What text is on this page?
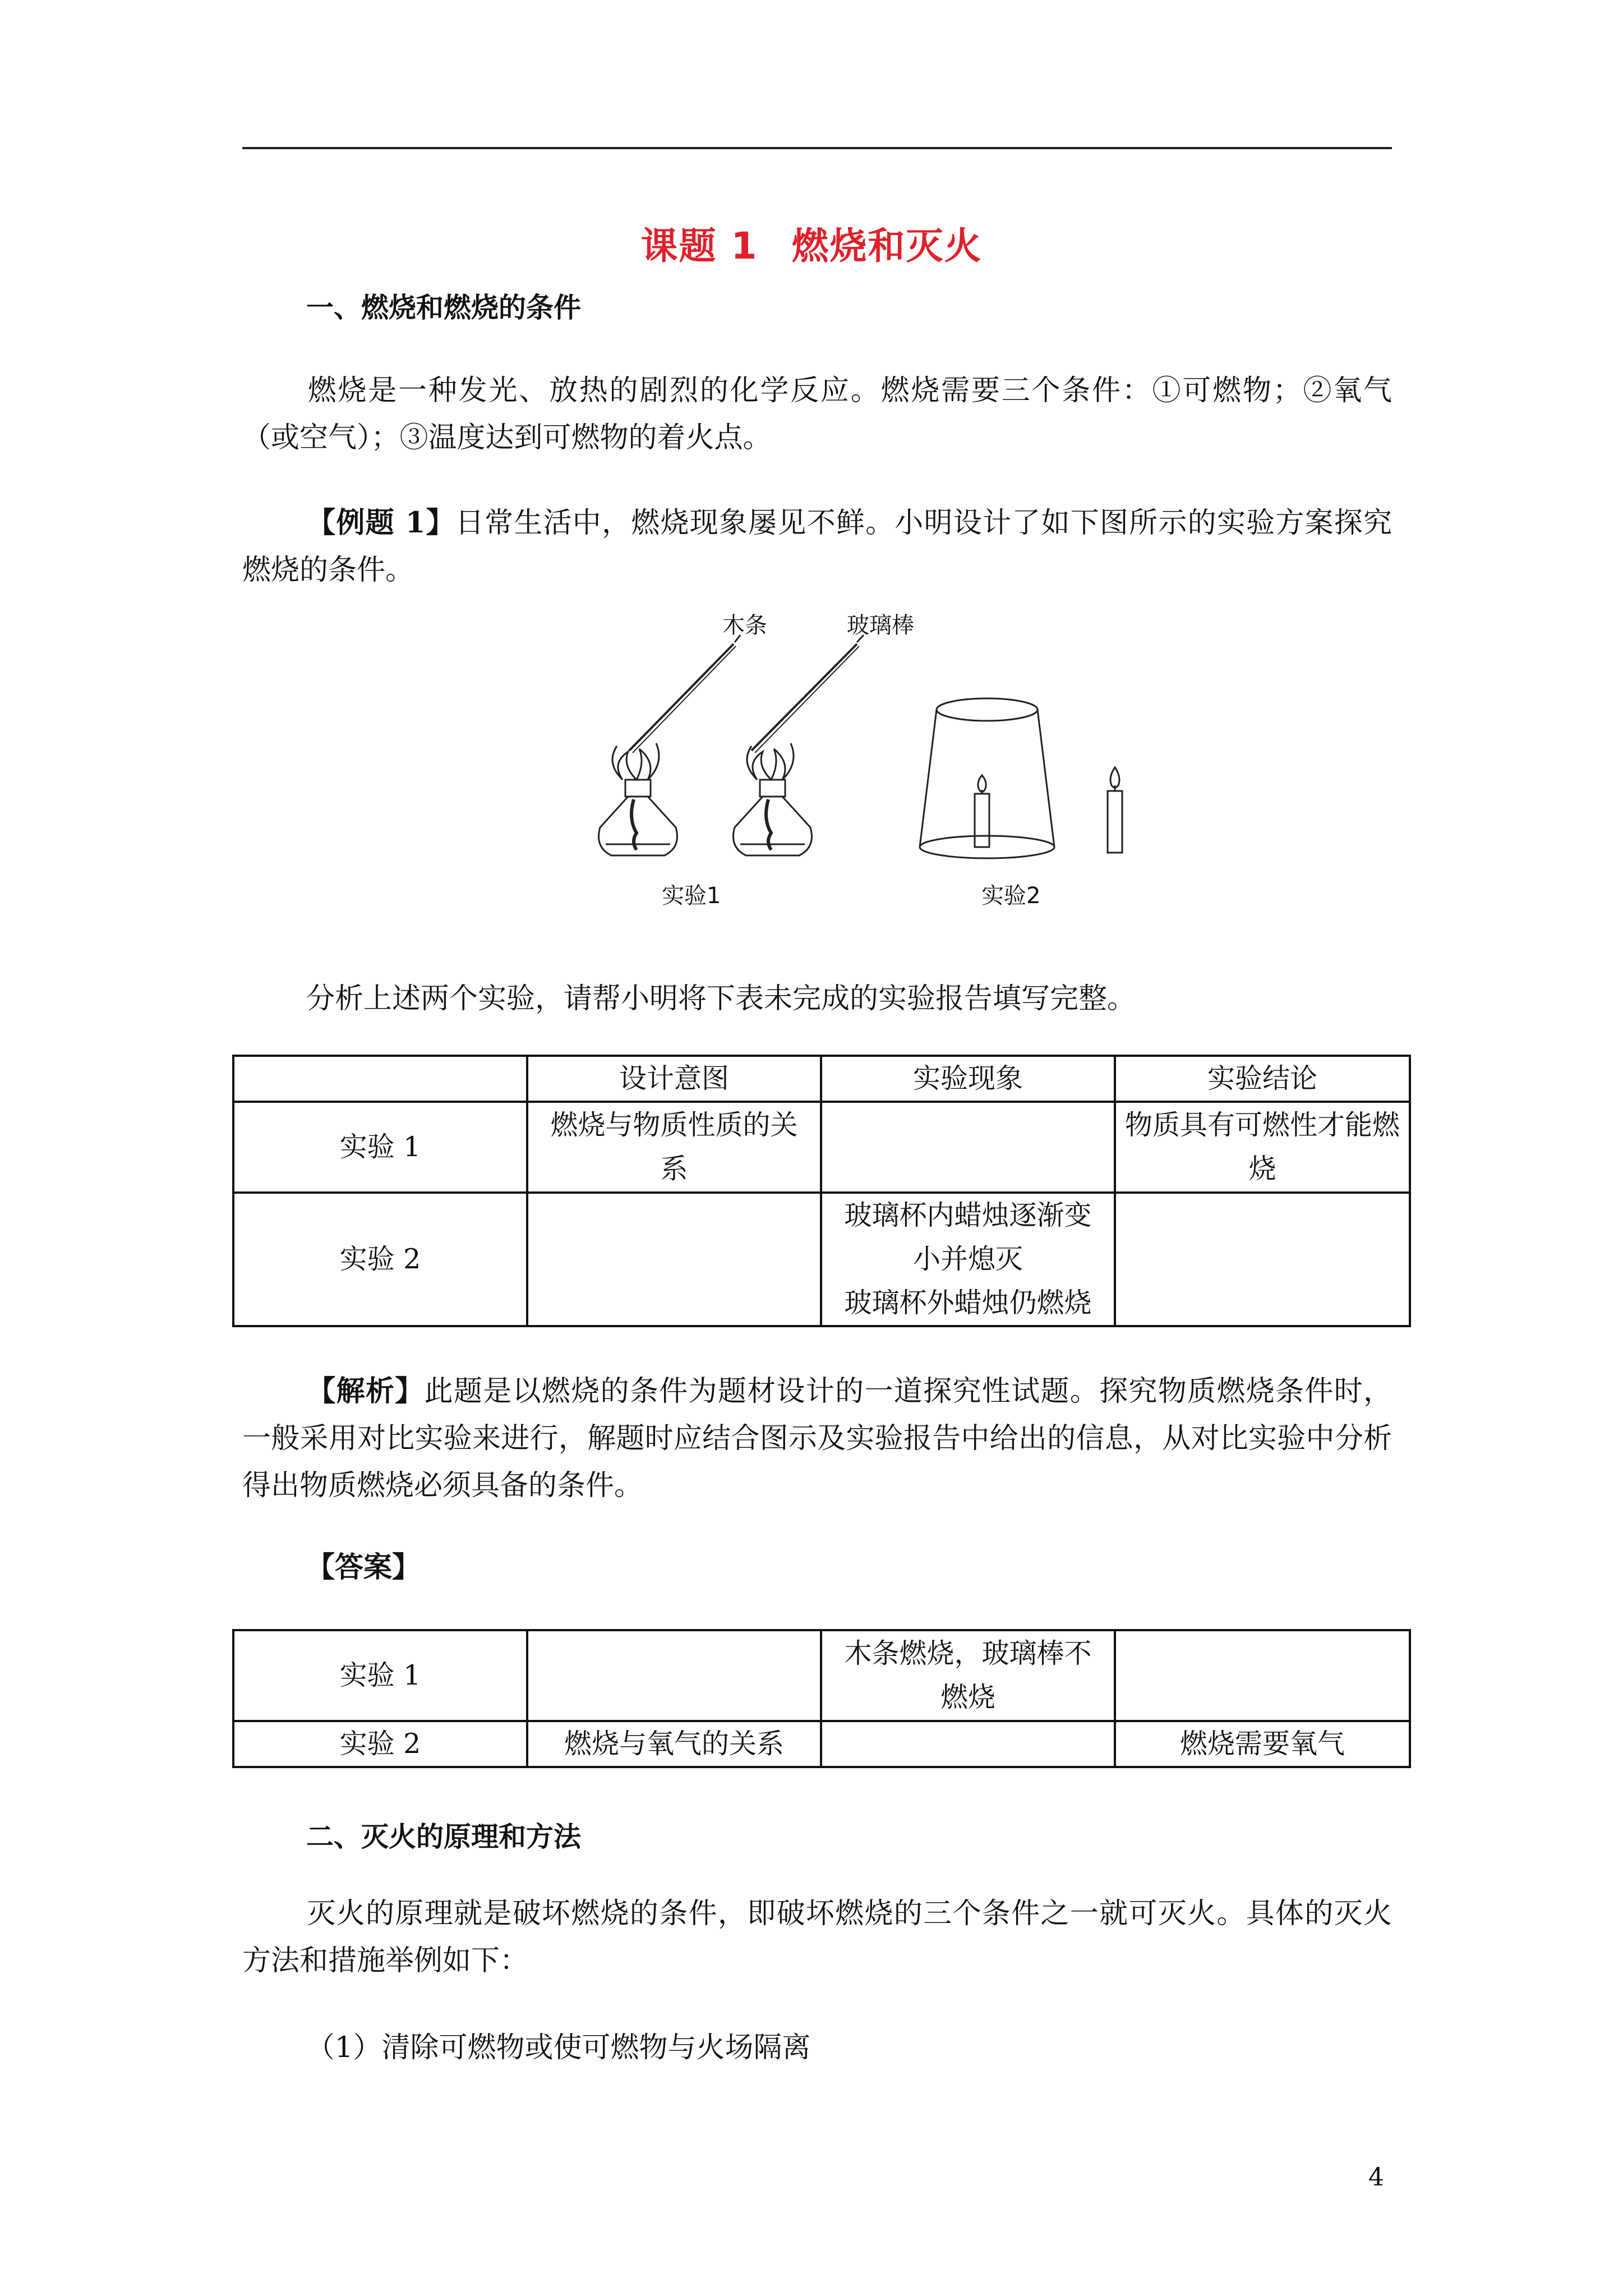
课题 1 燃烧和灭火
一、燃烧和燃烧的条件
燃烧是一种发光、放热的剧烈的化学反应。燃烧需要三个条件：①可燃物；②氧气（或空气）；③温度达到可燃物的着火点。
【例题 1】日常生活中，燃烧现象屡见不鲜。小明设计了如下图所示的实验方案探究燃烧的条件。
木条	玻璃棒
实验1	实验2
分析上述两个实验，请帮小明将下表未完成的实验报告填写完整。
	设计意图	实验现象	实验结论
实验 1	燃烧与物质性质的关系		物质具有可燃性才能燃烧
实验 2		玻璃杯内蜡烛逐渐变小并熄灭
玻璃杯外蜡烛仍燃烧	

【解析】此题是以燃烧的条件为题材设计的一道探究性试题。探究物质燃烧条件时，一般采用对比实验来进行，解题时应结合图示及实验报告中给出的信息，从对比实验中分析得出物质燃烧必须具备的条件。
【答案】
实验 1		木条燃烧，玻璃棒不燃烧	
实验 2	燃烧与氧气的关系		燃烧需要氧气
二、灭火的原理和方法
灭火的原理就是破坏燃烧的条件，即破坏燃烧的三个条件之一就可灭火。具体的灭火方法和措施举例如下：
（1）清除可燃物或使可燃物与火场隔离
4
